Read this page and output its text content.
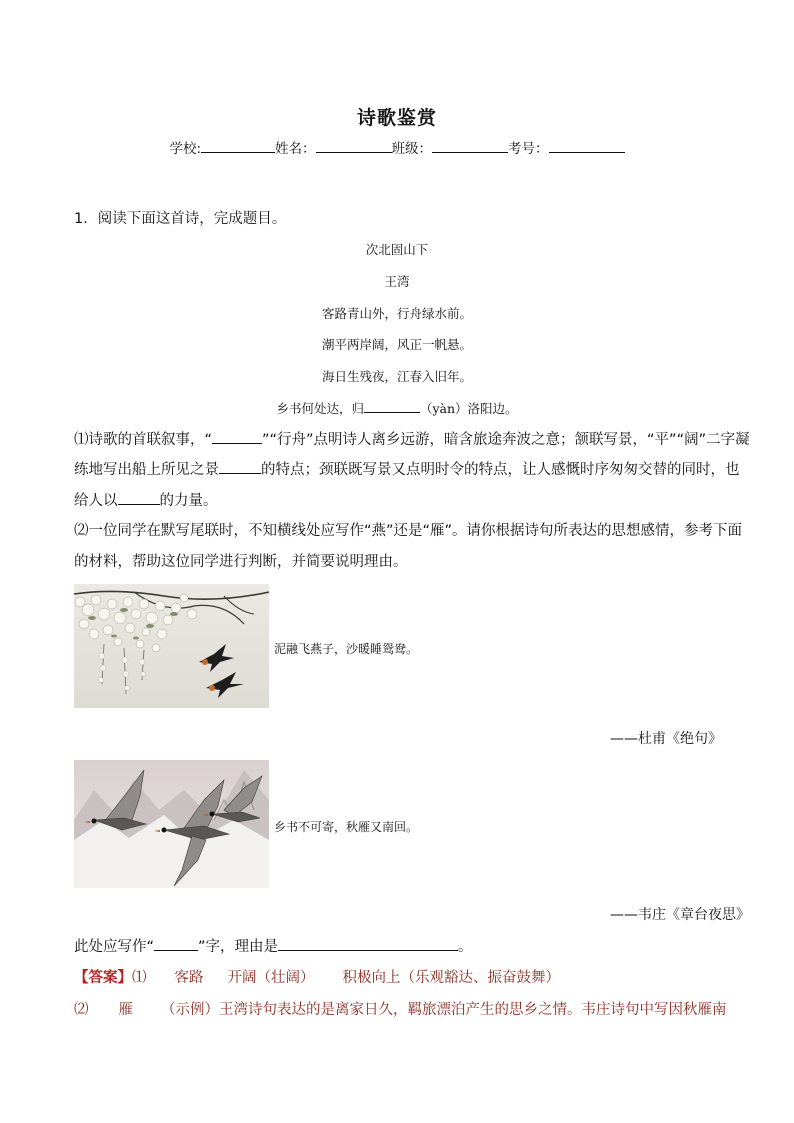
诗歌鉴赏
学校:	姓名：	班级：	考号：
1．阅读下面这首诗，完成题目。
次北固山下
王湾
客路青山外，行舟绿水前。
潮平两岸阔，风正一帆悬。
海日生残夜，江春入旧年。
乡书何处达，归	（yàn）洛阳边。
⑴诗歌的首联叙事，“	”“行舟”点明诗人离乡远游，暗含旅途奔波之意；颔联写景，“平”“阔”二字凝
练地写出船上所见之景	的特点；颈联既写景又点明时令的特点，让人感慨时序匆匆交替的同时，也
给人以	的力量。
⑵一位同学在默写尾联时，不知横线处应写作“燕”还是“雁”。请你根据诗句所表达的思想感情，参考下面
的材料，帮助这位同学进行判断，并简要说明理由。
泥融飞燕子，沙暖睡鸳鸯。
——杜甫《绝句》
乡书不可寄，秋雁又南回。
——韦庄《章台夜思》
此处应写作“	”字，理由是	。
【答案】⑴ 客路 开阔（壮阔） 积极向上（乐观豁达、振奋鼓舞）
⑵ 雁 （示例）王湾诗句表达的是离家日久，羁旅漂泊产生的思乡之情。韦庄诗句中写因秋雁南
